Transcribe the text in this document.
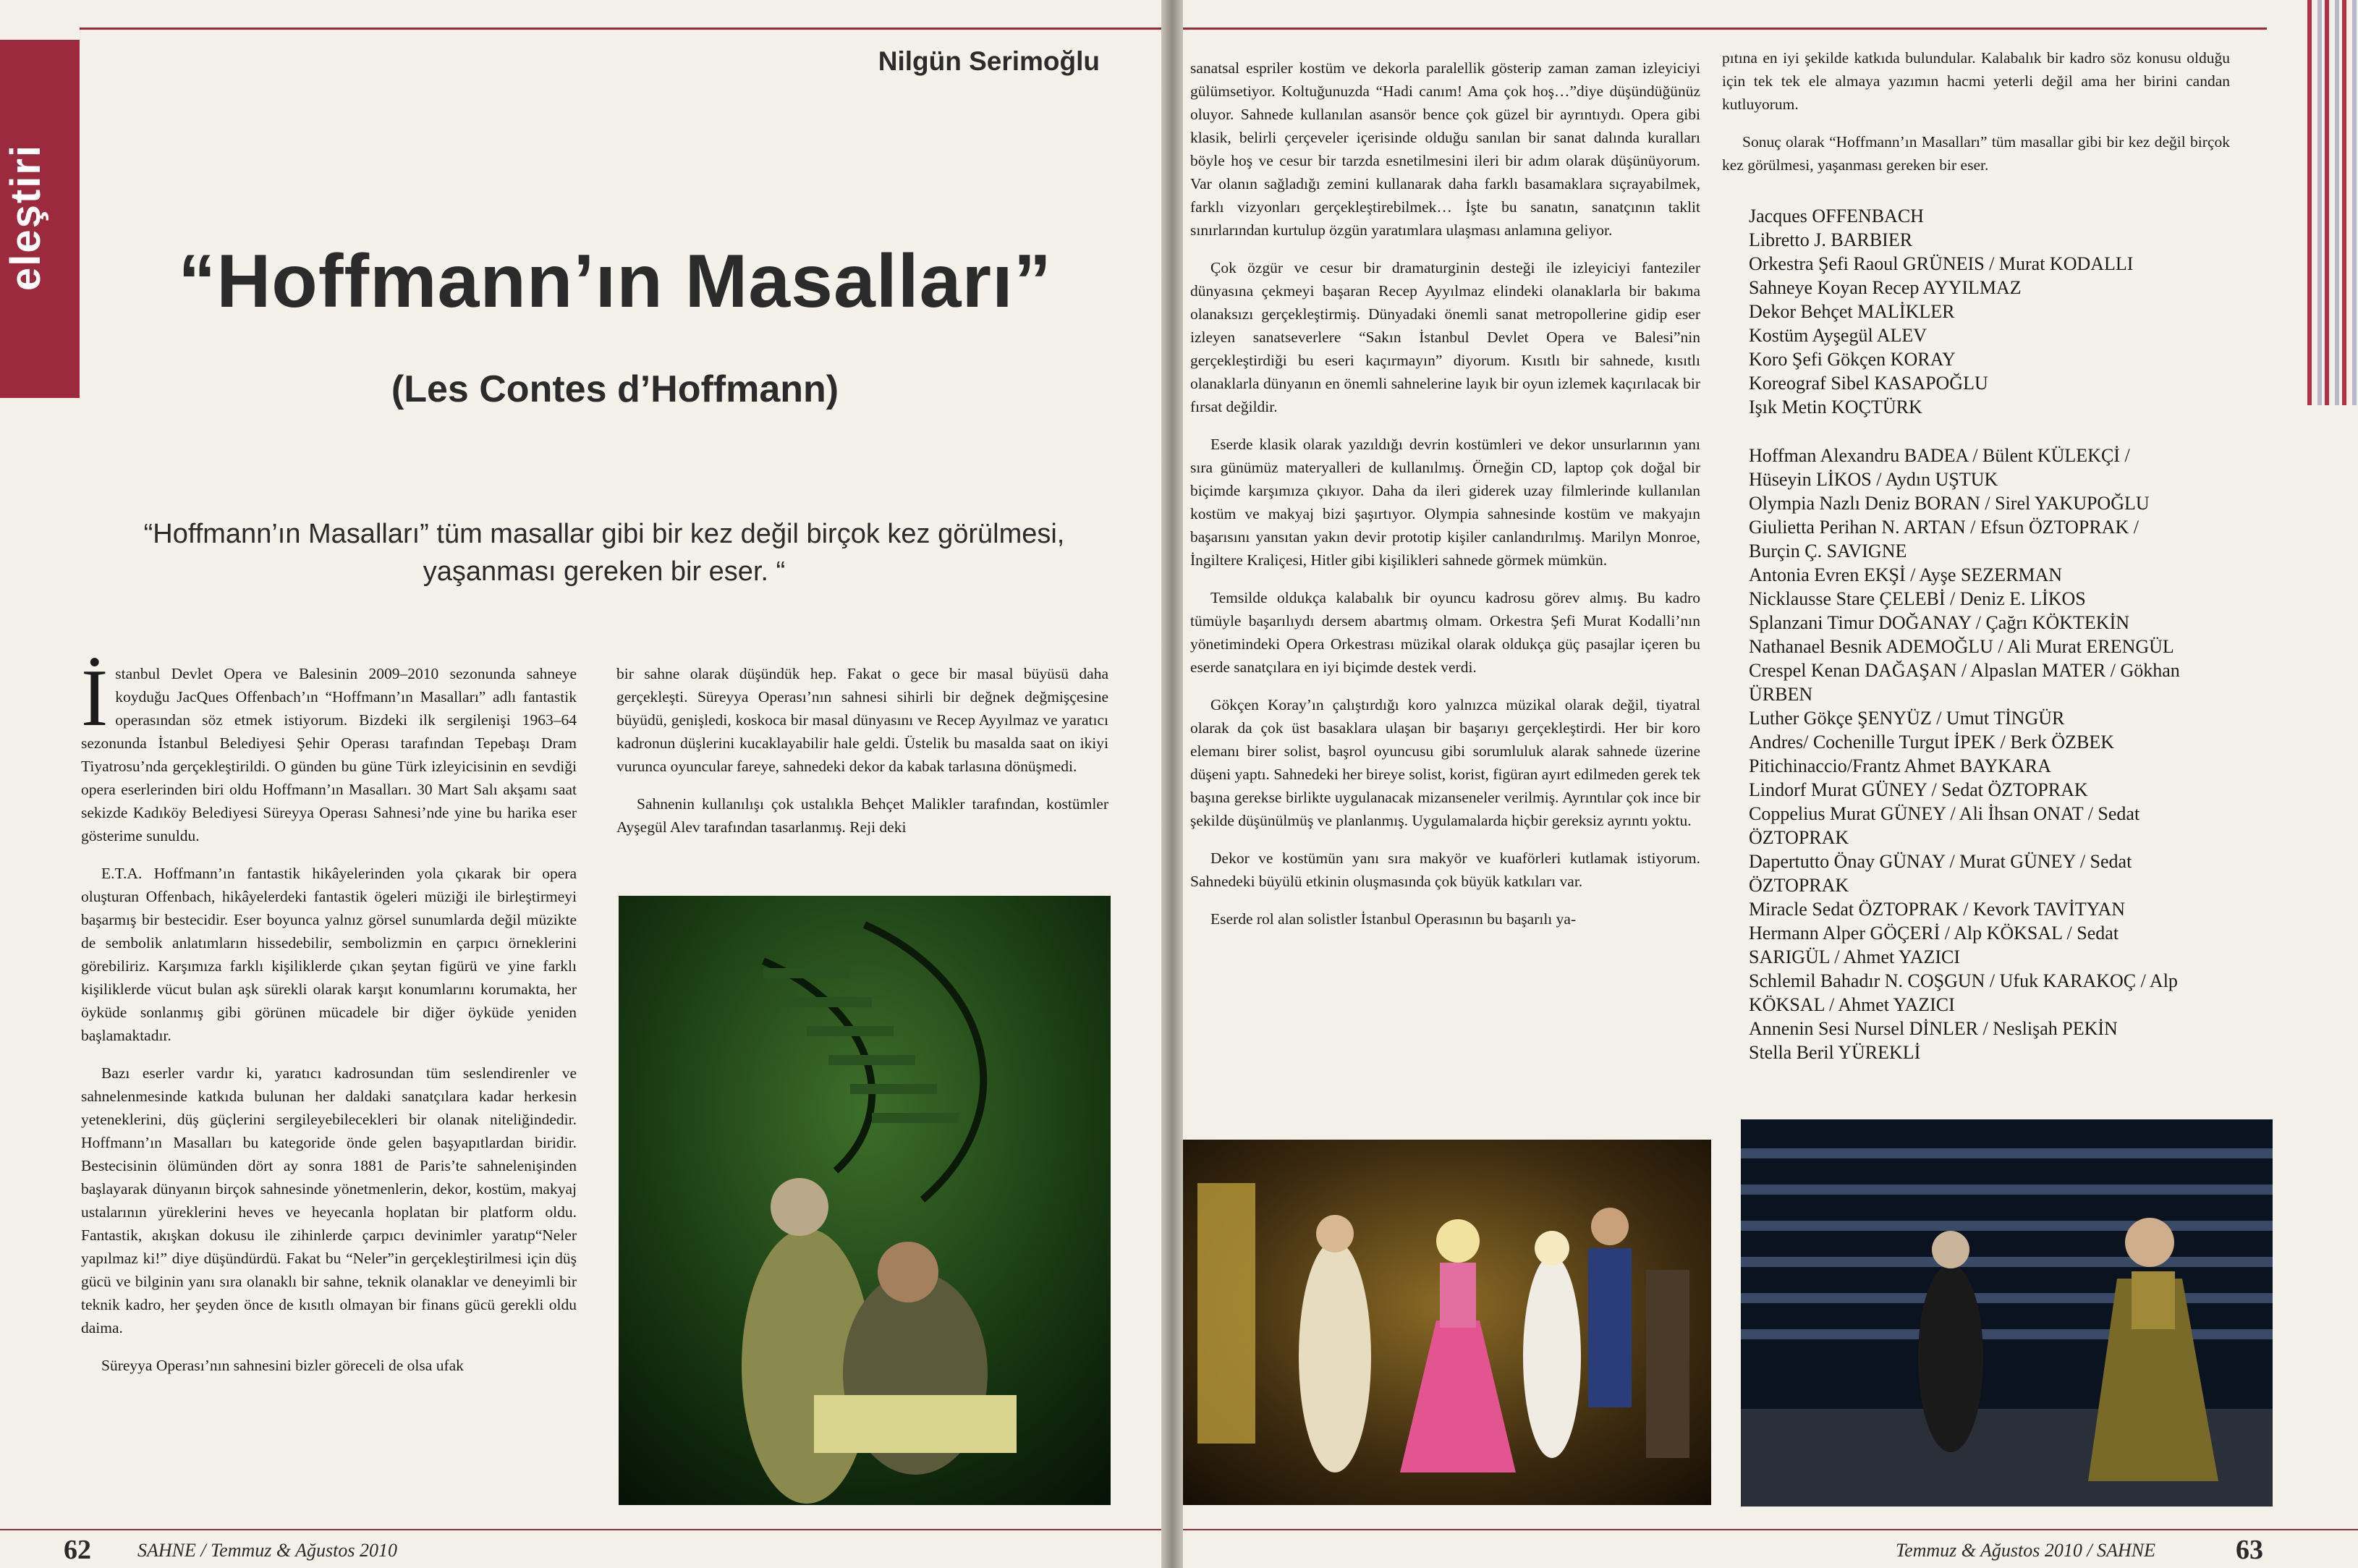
eleştiri
Nilgün Serimoğlu
“Hoffmann’ın Masalları”
(Les Contes d’Hoffmann)
“Hoffmann’ın Masalları” tüm masallar gibi bir kez değil birçok kez görülmesi, yaşanması gereken bir eser. “

İstanbul Devlet Opera ve Balesinin 2009–2010 sezonunda sahneye koyduğu JacQues Offenbach’ın “Hoffmann’ın Masalları” adlı fantastik operasından söz etmek istiyorum. Bizdeki ilk sergilenişi 1963–64 sezonunda İstanbul Belediyesi Şehir Operası tarafından Tepebaşı Dram Tiyatrosu’nda gerçekleştirildi. O günden bu güne Türk izleyicisinin en sevdiği opera eserlerinden biri oldu Hoffmann’ın Masalları. 30 Mart Salı akşamı saat sekizde Kadıköy Belediyesi Süreyya Operası Sahnesi’nde yine bu harika eser gösterime sunuldu.

E.T.A. Hoffmann’ın fantastik hikâyelerinden yola çıkarak bir opera oluşturan Offenbach, hikâyelerdeki fantastik ögeleri müziği ile birleştirmeyi başarmış bir bestecidir. Eser boyunca yalnız görsel sunumlarda değil müzikte de sembolik anlatımların hissedebilir, sembolizmin en çarpıcı örneklerini görebiliriz. Karşımıza farklı kişiliklerde çıkan şeytan figürü ve yine farklı kişiliklerde vücut bulan aşk sürekli olarak karşıt konumlarını korumakta, her öyküde sonlanmış gibi görünen mücadele bir diğer öyküde yeniden başlamaktadır.

Bazı eserler vardır ki, yaratıcı kadrosundan tüm seslendirenler ve sahnelenmesinde katkıda bulunan her daldaki sanatçılara kadar herkesin yeteneklerini, düş güçlerini sergileyebilecekleri bir olanak niteliğindedir. Hoffmann’ın Masalları bu kategoride önde gelen başyapıtlardan biridir. Bestecisinin ölümünden dört ay sonra 1881 de Paris’te sahnelenişinden başlayarak dünyanın birçok sahnesinde yönetmenlerin, dekor, kostüm, makyaj ustalarının yüreklerini heves ve heyecanla hoplatan bir platform oldu. Fantastik, akışkan dokusu ile zihinlerde çarpıcı devinimler yaratıp“Neler yapılmaz ki!” diye düşündürdü. Fakat bu “Neler”in gerçekleştirilmesi için düş gücü ve bilginin yanı sıra olanaklı bir sahne, teknik olanaklar ve deneyimli bir teknik kadro, her şeyden önce de kısıtlı olmayan bir finans gücü gerekli oldu daima.

Süreyya Operası’nın sahnesini bizler göreceli de olsa ufak

bir sahne olarak düşündük hep. Fakat o gece bir masal büyüsü daha gerçekleşti. Süreyya Operası’nın sahnesi sihirli bir değnek değmişçesine büyüdü, genişledi, koskoca bir masal dünyasını ve Recep Ayyılmaz ve yaratıcı kadronun düşlerini kucaklayabilir hale geldi. Üstelik bu masalda saat on ikiyi vurunca oyuncular fareye, sahnedeki dekor da kabak tarlasına dönüşmedi.

Sahnenin kullanılışı çok ustalıkla Behçet Malikler tarafından, kostümler Ayşegül Alev tarafından tasarlanmış. Reji deki

62 SAHNE / Temmuz & Ağustos 2010

sanatsal espriler kostüm ve dekorla paralellik gösterip zaman zaman izleyiciyi gülümsetiyor. Koltuğunuzda “Hadi canım! Ama çok hoş…”diye düşündüğünüz oluyor. Sahnede kullanılan asansör bence çok güzel bir ayrıntıydı. Opera gibi klasik, belirli çerçeveler içerisinde olduğu sanılan bir sanat dalında kuralları böyle hoş ve cesur bir tarzda esnetilmesini ileri bir adım olarak düşünüyorum. Var olanın sağladığı zemini kullanarak daha farklı basamaklara sıçrayabilmek, farklı vizyonları gerçekleştirebilmek… İşte bu sanatın, sanatçının taklit sınırlarından kurtulup özgün yaratımlara ulaşması anlamına geliyor.

Çok özgür ve cesur bir dramaturginin desteği ile izleyiciyi fanteziler dünyasına çekmeyi başaran Recep Ayyılmaz elindeki olanaklarla bir bakıma olanaksızı gerçekleştirmiş. Dünyadaki önemli sanat metropollerine gidip eser izleyen sanatseverlere “Sakın İstanbul Devlet Opera ve Balesi”nin gerçekleştirdiği bu eseri kaçırmayın” diyorum. Kısıtlı bir sahnede, kısıtlı olanaklarla dünyanın en önemli sahnelerine layık bir oyun izlemek kaçırılacak bir fırsat değildir.

Eserde klasik olarak yazıldığı devrin kostümleri ve dekor unsurlarının yanı sıra günümüz materyalleri de kullanılmış. Örneğin CD, laptop çok doğal bir biçimde karşımıza çıkıyor. Daha da ileri giderek uzay filmlerinde kullanılan kostüm ve makyaj bizi şaşırtıyor. Olympia sahnesinde kostüm ve makyajın başarısını yansıtan yakın devir prototip kişiler canlandırılmış. Marilyn Monroe, İngiltere Kraliçesi, Hitler gibi kişilikleri sahnede görmek mümkün.

Temsilde oldukça kalabalık bir oyuncu kadrosu görev almış. Bu kadro tümüyle başarılıydı dersem abartmış olmam. Orkestra Şefi Murat Kodalli’nın yönetimindeki Opera Orkestrası müzikal olarak oldukça güç pasajlar içeren bu eserde sanatçılara en iyi biçimde destek verdi.

Gökçen Koray’ın çalıştırdığı koro yalnızca müzikal olarak değil, tiyatral olarak da çok üst basaklara ulaşan bir başarıyı gerçekleştirdi. Her bir koro elemanı birer solist, başrol oyuncusu gibi sorumluluk alarak sahnede üzerine düşeni yaptı. Sahnedeki her bireye solist, korist, figüran ayırt edilmeden gerek tek başına gerekse birlikte uygulanacak mizanseneler verilmiş. Ayrıntılar çok ince bir şekilde düşünülmüş ve planlanmış. Uygulamalarda hiçbir gereksiz ayrıntı yoktu.

Dekor ve kostümün yanı sıra makyör ve kuaförleri kutlamak istiyorum. Sahnedeki büyülü etkinin oluşmasında çok büyük katkıları var.

Eserde rol alan solistler İstanbul Operasının bu başarılı ya-

pıtına en iyi şekilde katkıda bulundular. Kalabalık bir kadro söz konusu olduğu için tek tek ele almaya yazımın hacmi yeterli değil ama her birini candan kutluyorum.

Sonuç olarak “Hoffmann’ın Masalları” tüm masallar gibi bir kez değil birçok kez görülmesi, yaşanması gereken bir eser.

Jacques OFFENBACH
Libretto J. BARBIER
Orkestra Şefi Raoul GRÜNEIS / Murat KODALLI
Sahneye Koyan Recep AYYILMAZ
Dekor Behçet MALİKLER
Kostüm Ayşegül ALEV
Koro Şefi Gökçen KORAY
Koreograf Sibel KASAPOĞLU
Işık Metin KOÇTÜRK
Hoffman Alexandru BADEA / Bülent KÜLEKÇİ /
Hüseyin LİKOS / Aydın UŞTUK
Olympia Nazlı Deniz BORAN / Sirel YAKUPOĞLU
Giulietta Perihan N. ARTAN / Efsun ÖZTOPRAK /
Burçin Ç. SAVIGNE
Antonia Evren EKŞİ / Ayşe SEZERMAN
Nicklausse Stare ÇELEBİ / Deniz E. LİKOS
Splanzani Timur DOĞANAY / Çağrı KÖKTEKİN
Nathanael Besnik ADEMOĞLU / Ali Murat ERENGÜL
Crespel Kenan DAĞAŞAN / Alpaslan MATER / Gökhan
ÜRBEN
Luther Gökçe ŞENYÜZ / Umut TİNGÜR
Andres/ Cochenille Turgut İPEK / Berk ÖZBEK
Pitichinaccio/Frantz Ahmet BAYKARA
Lindorf Murat GÜNEY / Sedat ÖZTOPRAK
Coppelius Murat GÜNEY / Ali İhsan ONAT / Sedat
ÖZTOPRAK
Dapertutto Önay GÜNAY / Murat GÜNEY / Sedat
ÖZTOPRAK
Miracle Sedat ÖZTOPRAK / Kevork TAVİTYAN
Hermann Alper GÖÇERİ / Alp KÖKSAL / Sedat
SARIGÜL / Ahmet YAZICI
Schlemil Bahadır N. COŞGUN / Ufuk KARAKOÇ / Alp
KÖKSAL / Ahmet YAZICI
Annenin Sesi Nursel DİNLER / Neslişah PEKİN
Stella Beril YÜREKLİ
Temmuz & Ağustos 2010 / SAHNE	63
